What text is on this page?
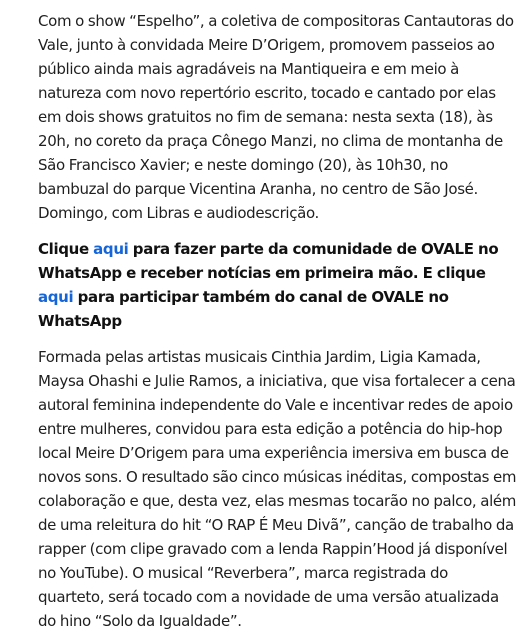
Com o show “Espelho”, a coletiva de compositoras Cantautoras do Vale, junto à convidada Meire D’Origem, promovem passeios ao público ainda mais agradáveis na Mantiqueira e em meio à natureza com novo repertório escrito, tocado e cantado por elas em dois shows gratuitos no fim de semana: nesta sexta (18), às 20h, no coreto da praça Cônego Manzi, no clima de montanha de São Francisco Xavier; e neste domingo (20), às 10h30, no bambuzal do parque Vicentina Aranha, no centro de São José. Domingo, com Libras e audiodescrição.

Clique aqui para fazer parte da comunidade de OVALE no WhatsApp e receber notícias em primeira mão. E clique aqui para participar também do canal de OVALE no WhatsApp

Formada pelas artistas musicais Cinthia Jardim, Ligia Kamada, Maysa Ohashi e Julie Ramos, a iniciativa, que visa fortalecer a cena autoral feminina independente do Vale e incentivar redes de apoio entre mulheres, convidou para esta edição a potência do hip-hop local Meire D’Origem para uma experiência imersiva em busca de novos sons. O resultado são cinco músicas inéditas, compostas em colaboração e que, desta vez, elas mesmas tocarão no palco, além de uma releitura do hit “O RAP É Meu Divã”, canção de trabalho da rapper (com clipe gravado com a lenda Rappin’Hood já disponível no YouTube). O musical “Reverbera”, marca registrada do quarteto, será tocado com a novidade de uma versão atualizada do hino “Solo da Igualdade”.
